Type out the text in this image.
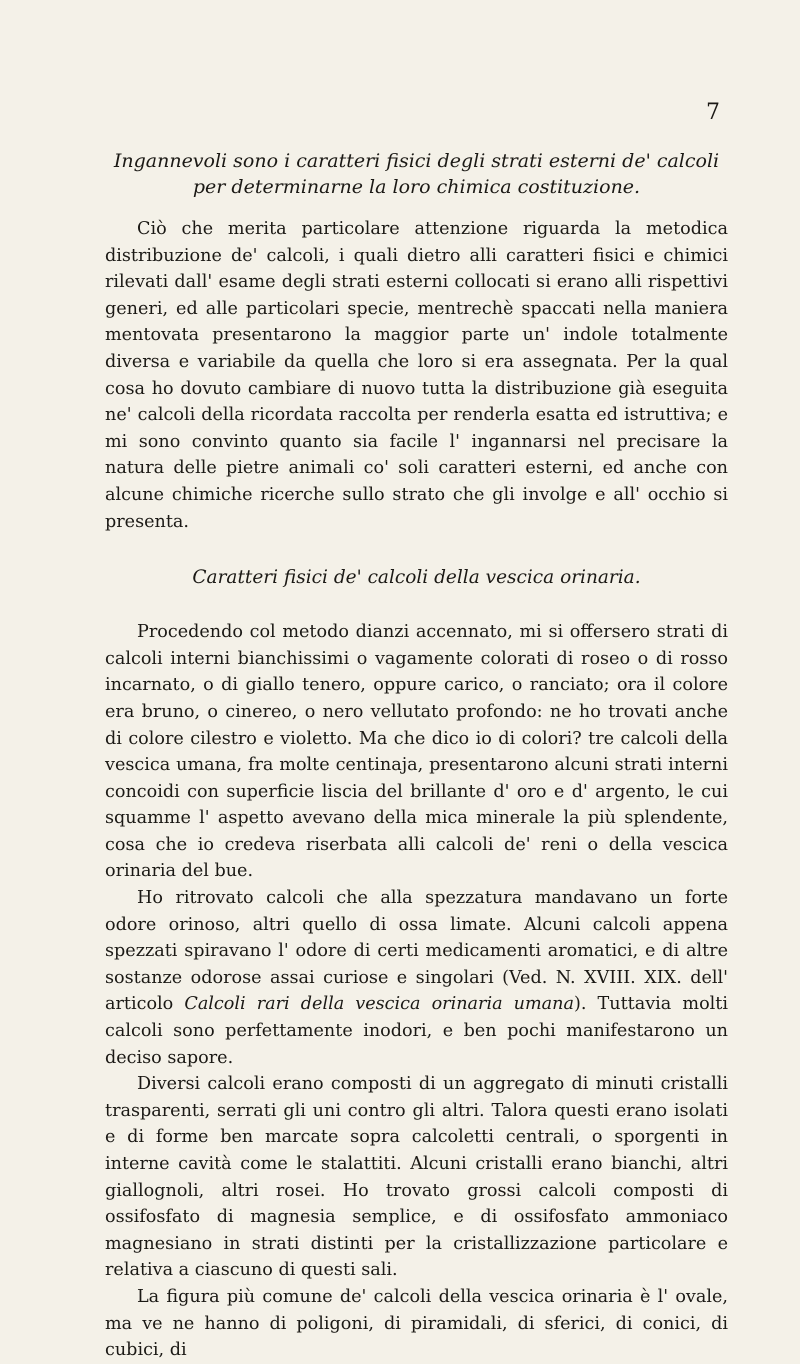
7

Ingannevoli sono i caratteri fisici degli strati esterni de' calcoli

per determinarne la loro chimica costituzione.

Ciò che merita particolare attenzione riguarda la metodica distribuzione de' calcoli, i quali dietro alli caratteri fisici e chimici rilevati dall' esame degli strati esterni collocati si erano alli rispettivi generi, ed alle particolari specie, mentrechè spaccati nella maniera mentovata presentarono la maggior parte un' indole totalmente diversa e variabile da quella che loro si era assegnata. Per la qual cosa ho dovuto cambiare di nuovo tutta la distribuzione già eseguita ne' calcoli della ricordata raccolta per renderla esatta ed istruttiva; e mi sono convinto quanto sia facile l' ingannarsi nel precisare la natura delle pietre animali co' soli caratteri esterni, ed anche con alcune chimiche ricerche sullo strato che gli involge e all' occhio si presenta.

Caratteri fisici de' calcoli della vescica orinaria.

Procedendo col metodo dianzi accennato, mi si offersero strati di calcoli interni bianchissimi o vagamente colorati di roseo o di rosso incarnato, o di giallo tenero, oppure carico, o ranciato; ora il colore era bruno, o cinereo, o nero vellutato profondo: ne ho trovati anche di colore cilestro e violetto. Ma che dico io di colori? tre calcoli della vescica umana, fra molte centinaja, presentarono alcuni strati interni concoidi con superficie liscia del brillante d' oro e d' argento, le cui squamme l' aspetto avevano della mica minerale la più splendente, cosa che io credeva riserbata alli calcoli de' reni o della vescica orinaria del bue.

Ho ritrovato calcoli che alla spezzatura mandavano un forte odore orinoso, altri quello di ossa limate. Alcuni calcoli appena spezzati spiravano l' odore di certi medicamenti aromatici, e di altre sostanze odorose assai curiose e singolari (Ved. N. XVIII. XIX. dell' articolo Calcoli rari della vescica orinaria umana). Tuttavia molti calcoli sono perfettamente inodori, e ben pochi manifestarono un deciso sapore.

Diversi calcoli erano composti di un aggregato di minuti cristalli trasparenti, serrati gli uni contro gli altri. Talora questi erano isolati e di forme ben marcate sopra calcoletti centrali, o sporgenti in interne cavità come le stalattiti. Alcuni cristalli erano bianchi, altri giallognoli, altri rosei. Ho trovato grossi calcoli composti di ossifosfato di magnesia semplice, e di ossifosfato ammoniaco magnesiano in strati distinti per la cristallizzazione particolare e relativa a ciascuno di questi sali.

La figura più comune de' calcoli della vescica orinaria è l' ovale, ma ve ne hanno di poligoni, di piramidali, di sferici, di conici, di cubici, di
